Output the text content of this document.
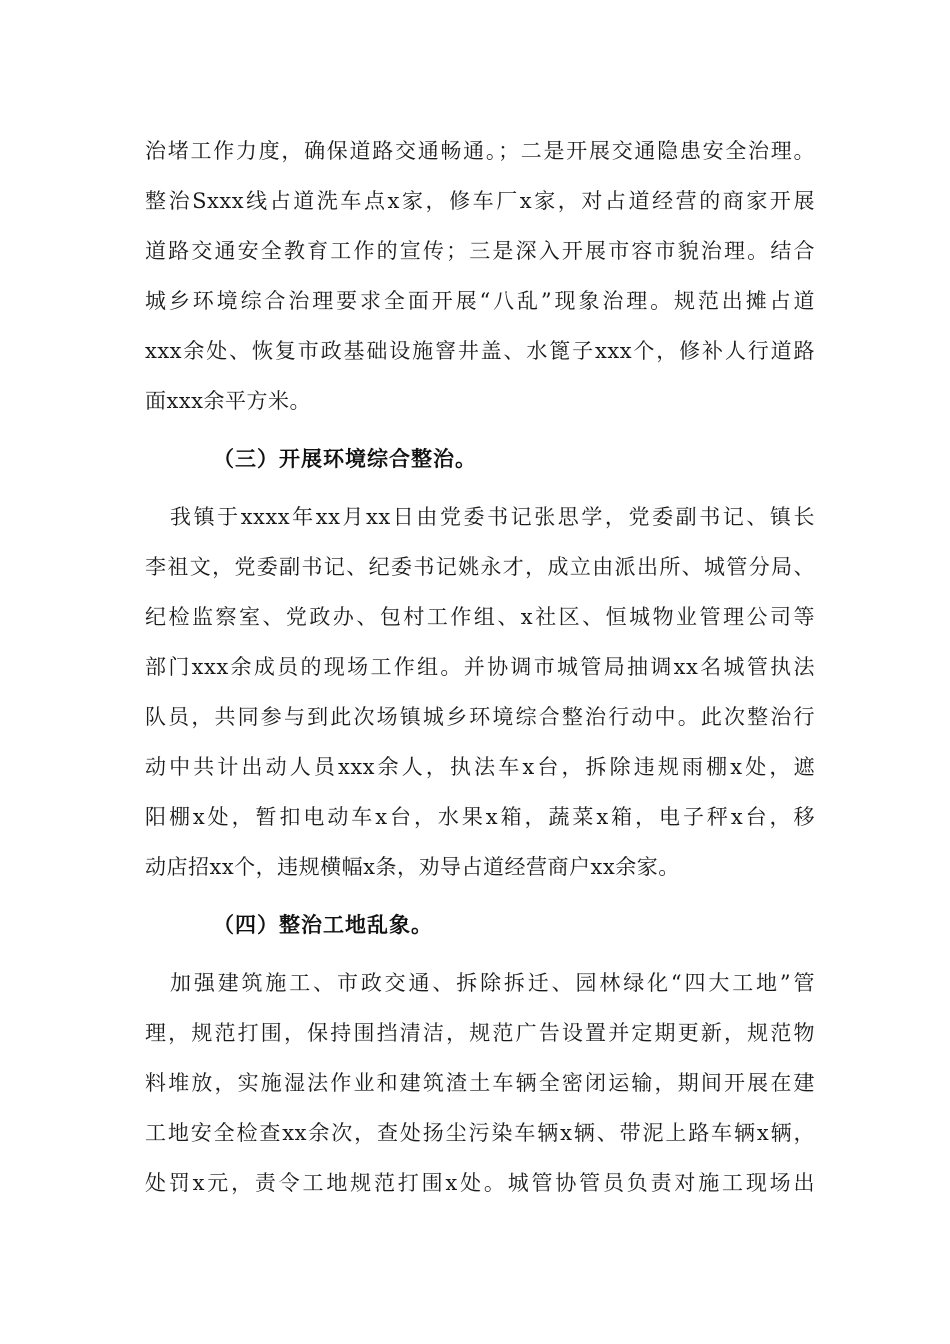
治堵工作力度，确保道路交通畅通。；二是开展交通隐患安全治理。
整治Sxxx线占道洗车点x家，修车厂x家，对占道经营的商家开展
道路交通安全教育工作的宣传；三是深入开展市容市貌治理。结合
城乡环境综合治理要求全面开展“八乱”现象治理。规范出摊占道
xxx余处、恢复市政基础设施窨井盖、水篦子xxx个，修补人行道路
面xxx余平方米。
（三）开展环境综合整治。
我镇于xxxx年xx月xx日由党委书记张思学，党委副书记、镇长
李祖文，党委副书记、纪委书记姚永才，成立由派出所、城管分局、
纪检监察室、党政办、包村工作组、x社区、恒城物业管理公司等
部门xxx余成员的现场工作组。并协调市城管局抽调xx名城管执法
队员，共同参与到此次场镇城乡环境综合整治行动中。此次整治行
动中共计出动人员xxx余人，执法车x台，拆除违规雨棚x处，遮
阳棚x处，暂扣电动车x台，水果x箱，蔬菜x箱，电子秤x台，移
动店招xx个，违规横幅x条，劝导占道经营商户xx余家。
（四）整治工地乱象。
加强建筑施工、市政交通、拆除拆迁、园林绿化“四大工地”管
理，规范打围，保持围挡清洁，规范广告设置并定期更新，规范物
料堆放，实施湿法作业和建筑渣土车辆全密闭运输，期间开展在建
工地安全检查xx余次，查处扬尘污染车辆x辆、带泥上路车辆x辆，
处罚x元，责令工地规范打围x处。城管协管员负责对施工现场出
